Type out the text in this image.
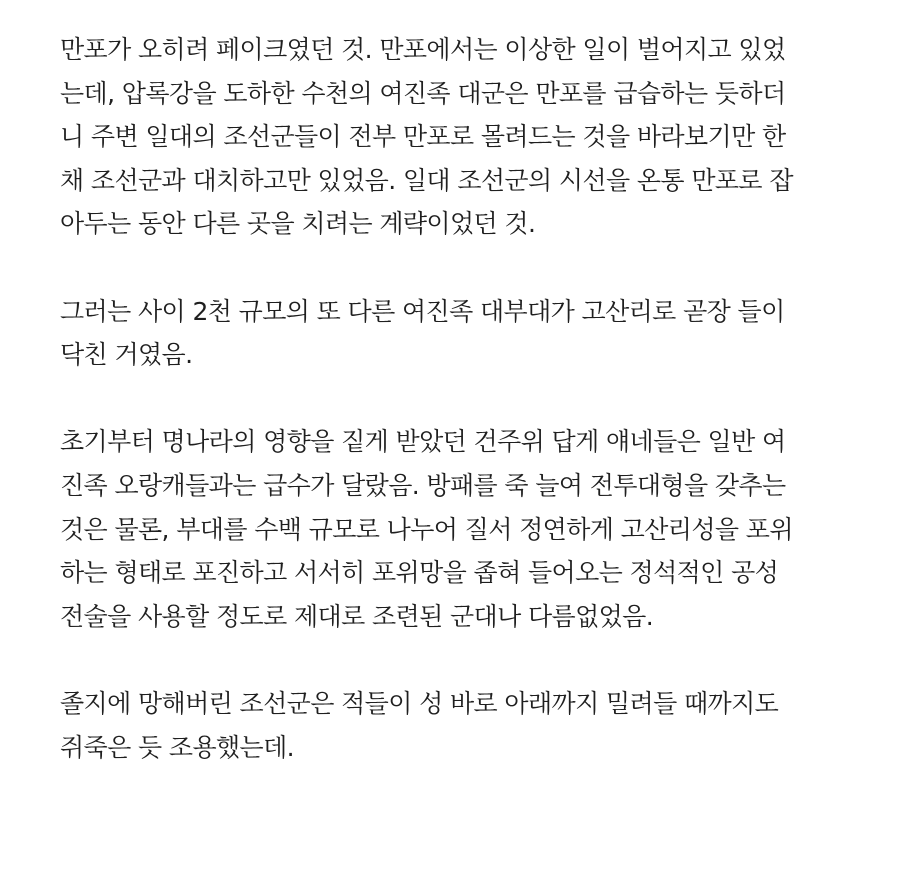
만포가 오히려 페이크였던 것. 만포에서는 이상한 일이 벌어지고 있었
는데, 압록강을 도하한 수천의 여진족 대군은 만포를 급습하는 듯하더
니 주변 일대의 조선군들이 전부 만포로 몰려드는 것을 바라보기만 한
채 조선군과 대치하고만 있었음. 일대 조선군의 시선을 온통 만포로 잡
아두는 동안 다른 곳을 치려는 계략이었던 것.

그러는 사이 2천 규모의 또 다른 여진족 대부대가 고산리로 곧장 들이
닥친 거였음.

초기부터 명나라의 영향을 짙게 받았던 건주위 답게 얘네들은 일반 여
진족 오랑캐들과는 급수가 달랐음. 방패를 죽 늘여 전투대형을 갖추는
것은 물론, 부대를 수백 규모로 나누어 질서 정연하게 고산리성을 포위
하는 형태로 포진하고 서서히 포위망을 좁혀 들어오는 정석적인 공성
전술을 사용할 정도로 제대로 조련된 군대나 다름없었음.

졸지에 망해버린 조선군은 적들이 성 바로 아래까지 밀려들 때까지도
쥐죽은 듯 조용했는데.
